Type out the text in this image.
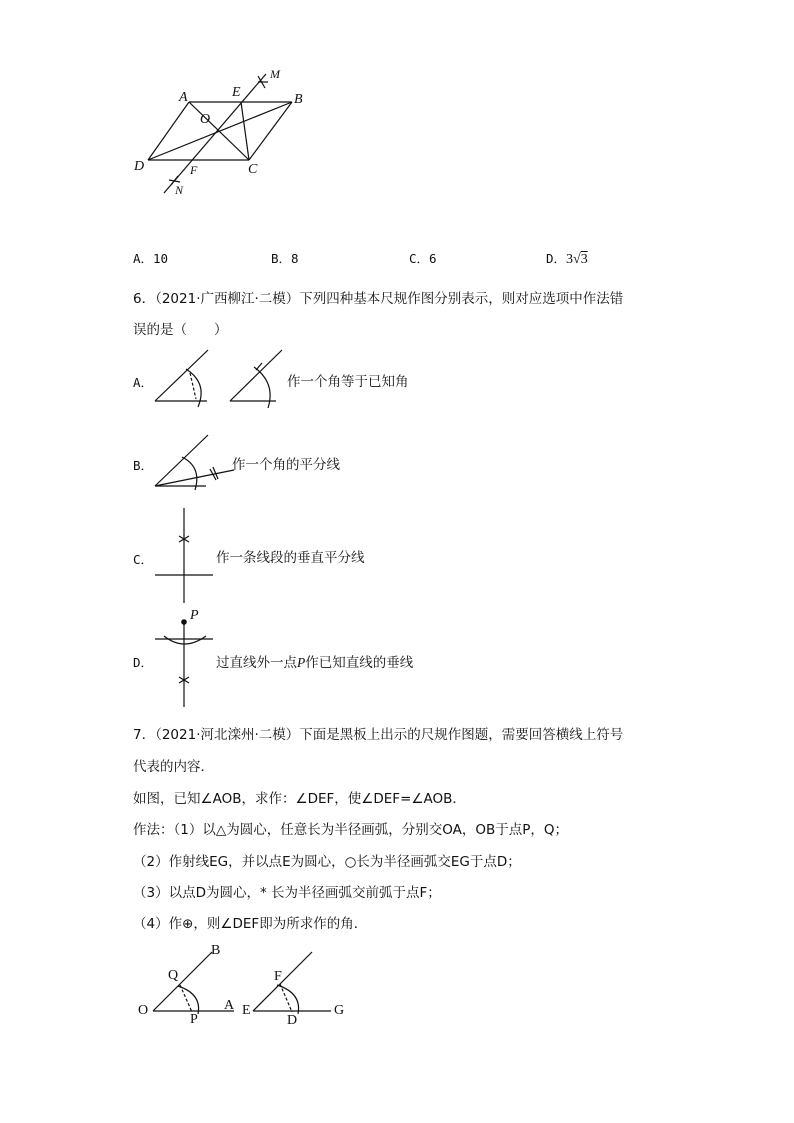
A	E
M
B
O
D	F	C
N
A．10	B．8	C．6	D．3√3
6．（2021·广西柳江·二模）下列四种基本尺规作图分别表示，则对应选项中作法错
误的是（　　）
A．	作一个角等于已知角
B．	作一个角的平分线
C．	作一条线段的垂直平分线
D．
P
过直线外一点P作已知直线的垂线
7．（2021·河北滦州·二模）下面是黑板上出示的尺规作图题，需要回答横线上符号
代表的内容．
如图，已知∠AOB，求作：∠DEF，使∠DEF=∠AOB．
作法：（1）以△为圆心，任意长为半径画弧，分别交OA，OB于点P，Q；
（2）作射线EG，并以点E为圆心，○长为半径画弧交EG于点D；
（3）以点D为圆心，* 长为半径画弧交前弧于点F；
（4）作⊕，则∠DEF即为所求作的角．
B
Q
O
P
A E
F
D
G
